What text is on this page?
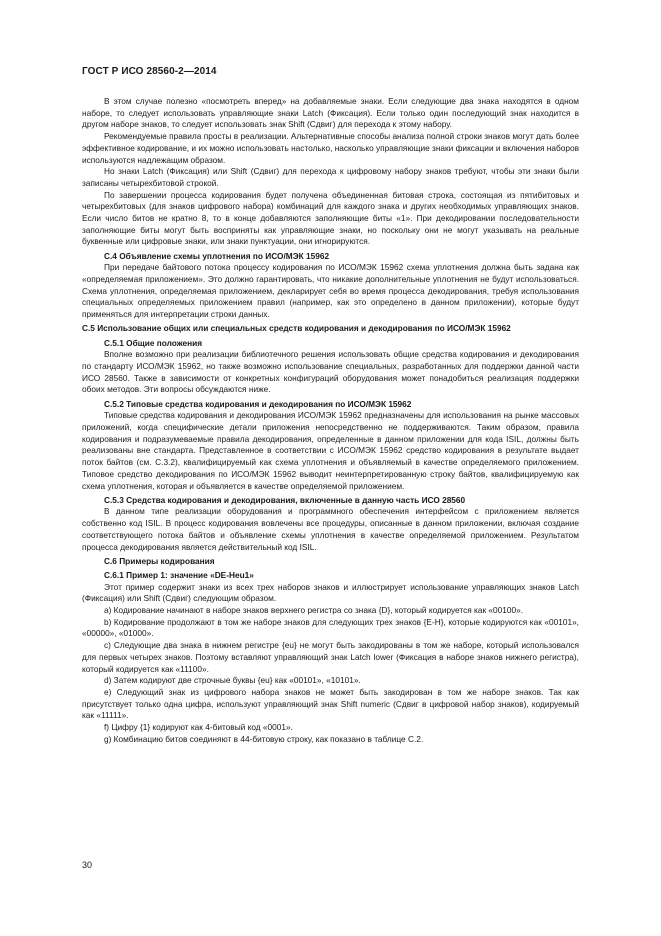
ГОСТ Р ИСО 28560-2—2014

В этом случае полезно «посмотреть вперед» на добавляемые знаки. Если следующие два знака находятся в одном наборе, то следует использовать управляющие знаки Latch (Фиксация). Если только один последующий знак находится в другом наборе знаков, то следует использовать знак Shift (Сдвиг) для перехода к этому набору.

Рекомендуемые правила просты в реализации. Альтернативные способы анализа полной строки знаков могут дать более эффективное кодирование, и их можно использовать настолько, насколько управляющие знаки фиксации и включения наборов используются надлежащим образом.

Но знаки Latch (Фиксация) или Shift (Сдвиг) для перехода к цифровому набору знаков требуют, чтобы эти знаки были записаны четырехбитовой строкой.

По завершении процесса кодирования будет получена объединенная битовая строка, состоящая из пятибитовых и четырехбитовых (для знаков цифрового набора) комбинаций для каждого знака и других необходимых управляющих знаков. Если число битов не кратно 8, то в конце добавляются заполняющие биты «1». При декодировании последовательности заполняющие биты могут быть восприняты как управляющие знаки, но поскольку они не могут указывать на реальные буквенные или цифровые знаки, или знаки пунктуации, они игнорируются.

С.4 Объявление схемы уплотнения по ИСО/МЭК 15962

При передаче байтового потока процессу кодирования по ИСО/МЭК 15962 схема уплотнения должна быть задана как «определяемая приложением». Это должно гарантировать, что никакие дополнительные уплотнения не будут использоваться. Схема уплотнения, определяемая приложением, декларирует себя во время процесса декодирования, требуя использования специальных определяемых приложением правил (например, как это определено в данном приложении), которые будут применяться для интерпретации строки данных.

С.5 Использование общих или специальных средств кодирования и декодирования по ИСО/МЭК 15962

С.5.1 Общие положения

Вполне возможно при реализации библиотечного решения использовать общие средства кодирования и декодирования по стандарту ИСО/МЭК 15962, но также возможно использование специальных, разработанных для поддержки данной части ИСО 28560. Также в зависимости от конкретных конфигураций оборудования может понадобиться реализация поддержки обоих методов. Эти вопросы обсуждаются ниже.

С.5.2 Типовые средства кодирования и декодирования по ИСО/МЭК 15962

Типовые средства кодирования и декодирования ИСО/МЭК 15962 предназначены для использования на рынке массовых приложений, когда специфические детали приложения непосредственно не поддерживаются. Таким образом, правила кодирования и подразумеваемые правила декодирования, определенные в данном приложении для кода ISIL, должны быть реализованы вне стандарта. Представленное в соответствии с ИСО/МЭК 15962 средство кодирования в результате выдает поток байтов (см. С.3.2), квалифицируемый как схема уплотнения и объявляемый в качестве определяемого приложением. Типовое средство декодирования по ИСО/МЭК 15962 выводит неинтерпретированную строку байтов, квалифицируемую как схема уплотнения, которая и объявляется в качестве определяемой приложением.

С.5.3 Средства кодирования и декодирования, включенные в данную часть ИСО 28560

В данном типе реализации оборудования и программного обеспечения интерфейсом с приложением является собственно код ISIL. В процесс кодирования вовлечены все процедуры, описанные в данном приложении, включая создание соответствующего потока байтов и объявление схемы уплотнения в качестве определяемой приложением. Результатом процесса декодирования является действительный код ISIL.

С.6 Примеры кодирования

С.6.1 Пример 1: значение «DE-Heu1»

Этот пример содержит знаки из всех трех наборов знаков и иллюстрирует использование управляющих знаков Latch (Фиксация) или Shift (Сдвиг) следующим образом.

а) Кодирование начинают в наборе знаков верхнего регистра со знака {D}, который кодируется как «00100».

b) Кодирование продолжают в том же наборе знаков для следующих трех знаков {E-H}, которые кодируются как «00101», «00000», «01000».

с) Следующие два знака в нижнем регистре {eu} не могут быть закодированы в том же наборе, который использовался для первых четырех знаков. Поэтому вставляют управляющий знак Latch lower (Фиксация в наборе знаков нижнего регистра), который кодируется как «11100».

d) Затем кодируют две строчные буквы {eu} как «00101», «10101».

е) Следующий знак из цифрового набора знаков не может быть закодирован в том же наборе знаков. Так как присутствует только одна цифра, используют управляющий знак Shift numeric (Сдвиг в цифровой набор знаков), кодируемый как «11111».

f) Цифру {1} кодируют как 4-битовый код «0001».

g) Комбинацию битов соединяют в 44-битовую строку, как показано в таблице С.2.

30
